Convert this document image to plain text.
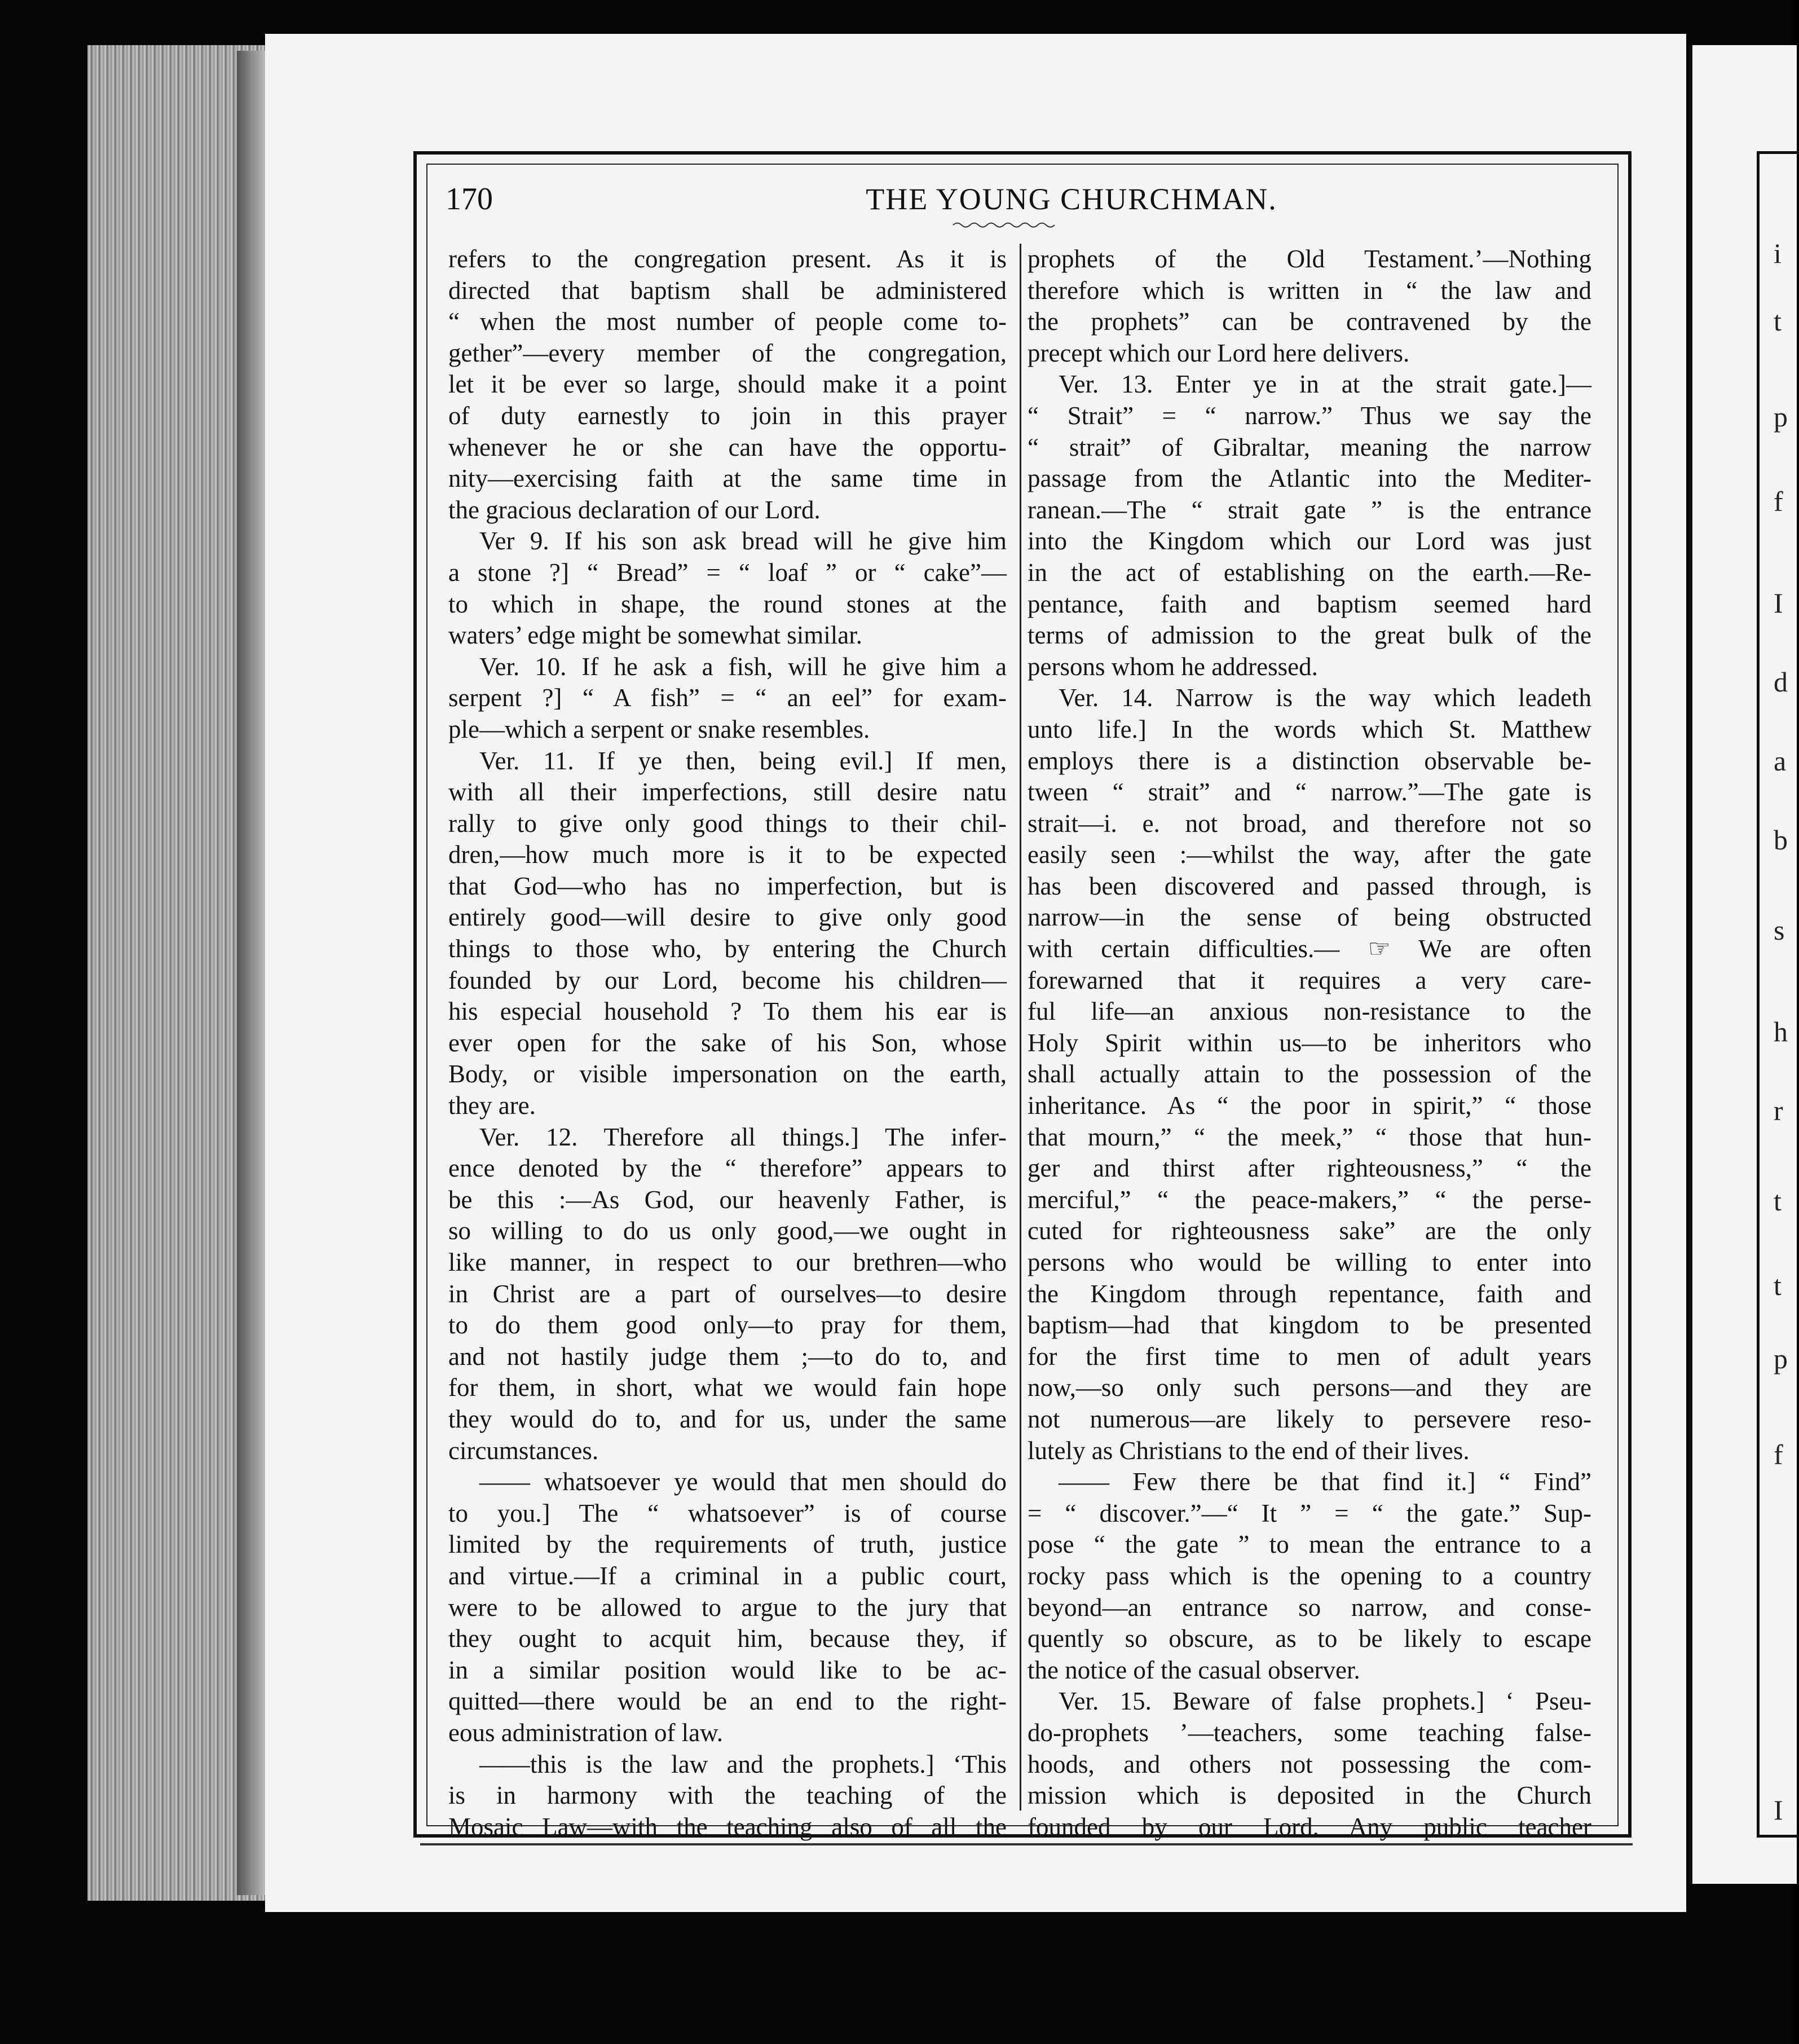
i
t
p
f
I
d
a
b
s
h
r
t
t
p
f
I
170	THE YOUNG CHURCHMAN.
refers to the congregation present. As it is
directed that baptism shall be administered
“ when the most number of people come to-
gether”—every member of the congregation,
let it be ever so large, should make it a point
of duty earnestly to join in this prayer
whenever he or she can have the opportu-
nity—exercising faith at the same time in
the gracious declaration of our Lord.
Ver 9. If his son ask bread will he give him
a stone ?] “ Bread” = “ loaf ” or “ cake”—
to which in shape, the round stones at the
waters’ edge might be somewhat similar.
Ver. 10. If he ask a fish, will he give him a
serpent ?] “ A fish” = “ an eel” for exam-
ple—which a serpent or snake resembles.
Ver. 11. If ye then, being evil.] If men,
with all their imperfections, still desire natu
rally to give only good things to their chil-
dren,—how much more is it to be expected
that God—who has no imperfection, but is
entirely good—will desire to give only good
things to those who, by entering the Church
founded by our Lord, become his children—
his especial household ? To them his ear is
ever open for the sake of his Son, whose
Body, or visible impersonation on the earth,
they are.
Ver. 12. Therefore all things.] The infer-
ence denoted by the “ therefore” appears to
be this :—As God, our heavenly Father, is
so willing to do us only good,—we ought in
like manner, in respect to our brethren—who
in Christ are a part of ourselves—to desire
to do them good only—to pray for them,
and not hastily judge them ;—to do to, and
for them, in short, what we would fain hope
they would do to, and for us, under the same
circumstances.
—— whatsoever ye would that men should do
to you.] The “ whatsoever” is of course
limited by the requirements of truth, justice
and virtue.—If a criminal in a public court,
were to be allowed to argue to the jury that
they ought to acquit him, because they, if
in a similar position would like to be ac-
quitted—there would be an end to the right-
eous administration of law.
——this is the law and the prophets.] ‘This
is in harmony with the teaching of the
Mosaic Law—with the teaching also of all the
prophets of the Old Testament.’—Nothing
therefore which is written in “ the law and
the prophets” can be contravened by the
precept which our Lord here delivers.
Ver. 13. Enter ye in at the strait gate.]—
“ Strait” = “ narrow.” Thus we say the
“ strait” of Gibraltar, meaning the narrow
passage from the Atlantic into the Mediter-
ranean.—The “ strait gate ” is the entrance
into the Kingdom which our Lord was just
in the act of establishing on the earth.—Re-
pentance, faith and baptism seemed hard
terms of admission to the great bulk of the
persons whom he addressed.
Ver. 14. Narrow is the way which leadeth
unto life.] In the words which St. Matthew
employs there is a distinction observable be-
tween “ strait” and “ narrow.”—The gate is
strait—i. e. not broad, and therefore not so
easily seen :—whilst the way, after the gate
has been discovered and passed through, is
narrow—in the sense of being obstructed
with certain difficulties.— ☞ We are often
forewarned that it requires a very care-
ful life—an anxious non-resistance to the
Holy Spirit within us—to be inheritors who
shall actually attain to the possession of the
inheritance. As “ the poor in spirit,” “ those
that mourn,” “ the meek,” “ those that hun-
ger and thirst after righteousness,” “ the
merciful,” “ the peace-makers,” “ the perse-
cuted for righteousness sake” are the only
persons who would be willing to enter into
the Kingdom through repentance, faith and
baptism—had that kingdom to be presented
for the first time to men of adult years
now,—so only such persons—and they are
not numerous—are likely to persevere reso-
lutely as Christians to the end of their lives.
—— Few there be that find it.] “ Find”
= “ discover.”—“ It ” = “ the gate.” Sup-
pose “ the gate ” to mean the entrance to a
rocky pass which is the opening to a country
beyond—an entrance so narrow, and conse-
quently so obscure, as to be likely to escape
the notice of the casual observer.
Ver. 15. Beware of false prophets.] ‘ Pseu-
do-prophets ’—teachers, some teaching false-
hoods, and others not possessing the com-
mission which is deposited in the Church
founded by our Lord. Any public teacher
